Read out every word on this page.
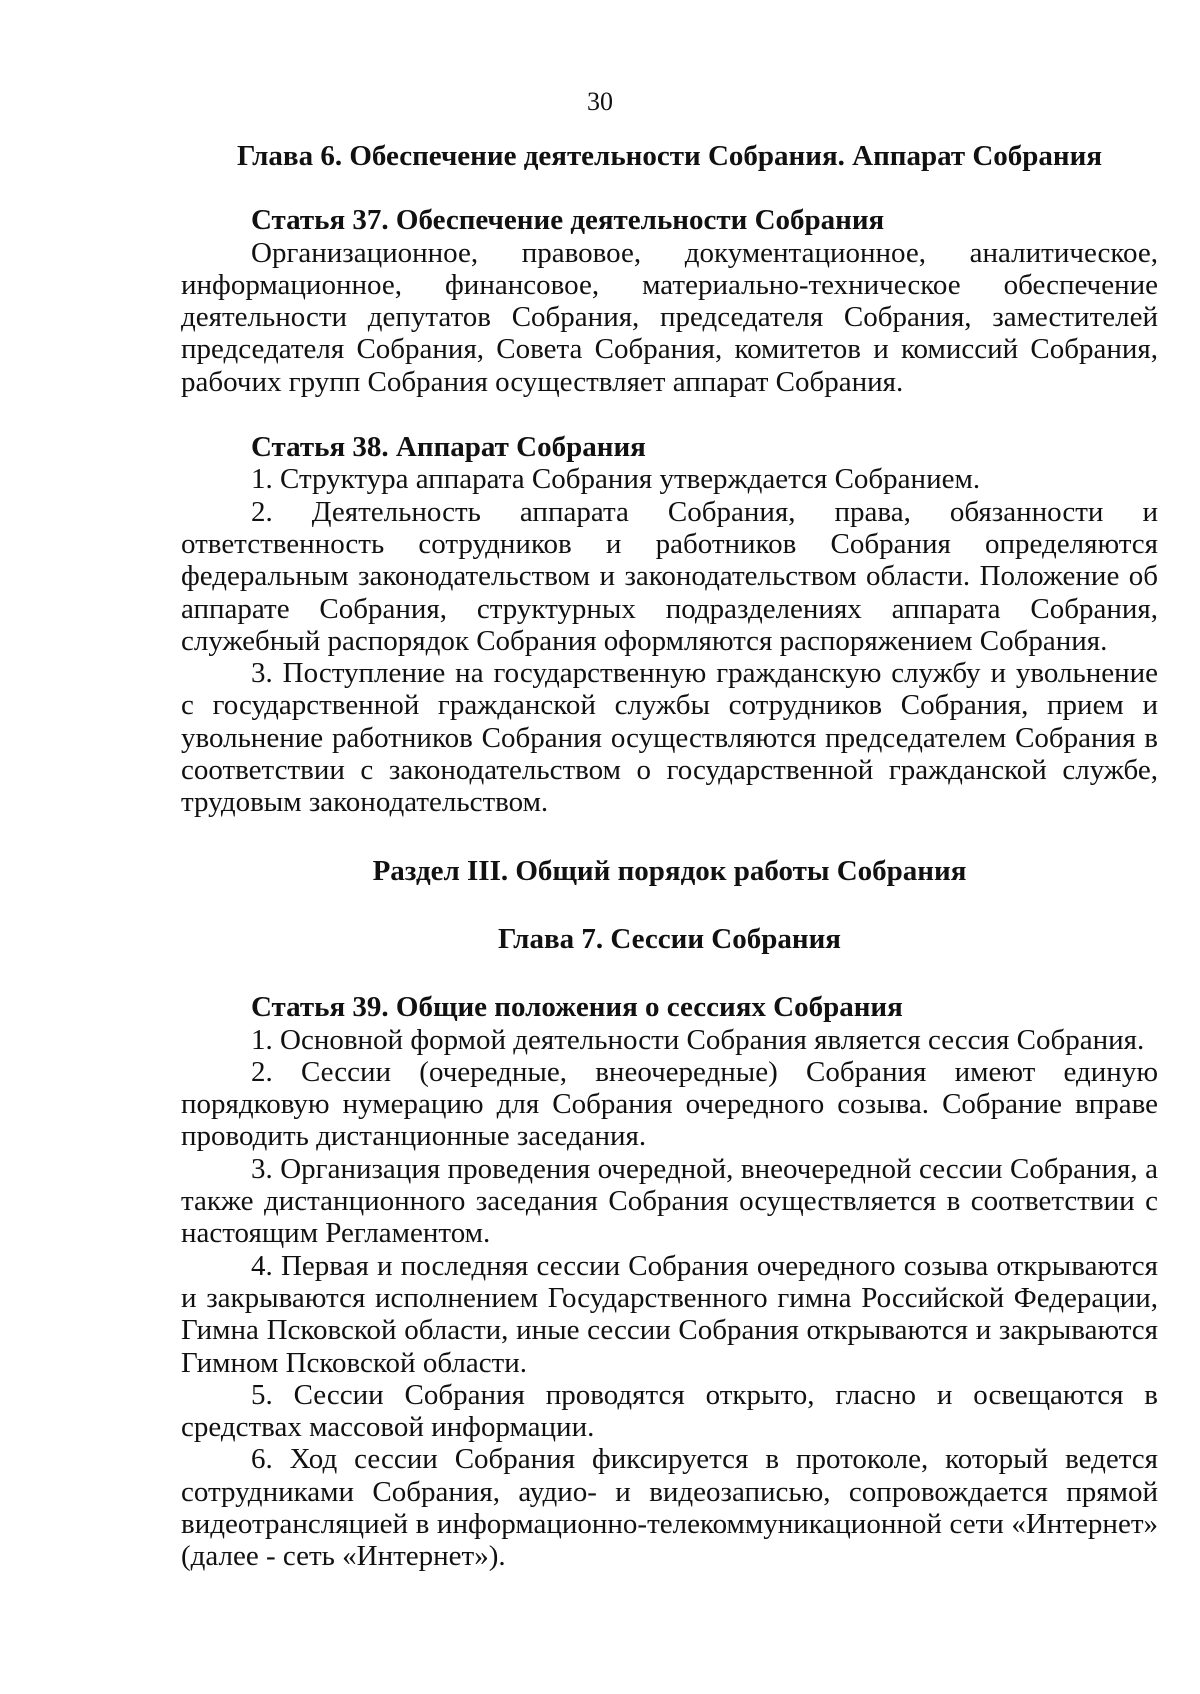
30

Глава 6. Обеспечение деятельности Собрания. Аппарат Собрания

Статья 37. Обеспечение деятельности Собрания

Организационное, правовое, документационное, аналитическое, информационное, финансовое, материально-техническое обеспечение деятельности депутатов Собрания, председателя Собрания, заместителей председателя Собрания, Совета Собрания, комитетов и комиссий Собрания, рабочих групп Собрания осуществляет аппарат Собрания.

Статья 38. Аппарат Собрания

1. Структура аппарата Собрания утверждается Собранием.

2. Деятельность аппарата Собрания, права, обязанности и ответственность сотрудников и работников Собрания определяются федеральным законодательством и законодательством области. Положение об аппарате Собрания, структурных подразделениях аппарата Собрания, служебный распорядок Собрания оформляются распоряжением Собрания.

3. Поступление на государственную гражданскую службу и увольнение с государственной гражданской службы сотрудников Собрания, прием и увольнение работников Собрания осуществляются председателем Собрания в соответствии с законодательством о государственной гражданской службе, трудовым законодательством.

Раздел III. Общий порядок работы Собрания

Глава 7. Сессии Собрания

Статья 39. Общие положения о сессиях Собрания

1. Основной формой деятельности Собрания является сессия Собрания.

2. Сессии (очередные, внеочередные) Собрания имеют единую порядковую нумерацию для Собрания очередного созыва. Собрание вправе проводить дистанционные заседания.

3. Организация проведения очередной, внеочередной сессии Собрания, а также дистанционного заседания Собрания осуществляется в соответствии с настоящим Регламентом.

4. Первая и последняя сессии Собрания очередного созыва открываются и закрываются исполнением Государственного гимна Российской Федерации, Гимна Псковской области, иные сессии Собрания открываются и закрываются Гимном Псковской области.

5. Сессии Собрания проводятся открыто, гласно и освещаются в средствах массовой информации.

6. Ход сессии Собрания фиксируется в протоколе, который ведется сотрудниками Собрания, аудио- и видеозаписью, сопровождается прямой видеотрансляцией в информационно-телекоммуникационной сети «Интернет» (далее - сеть «Интернет»).
